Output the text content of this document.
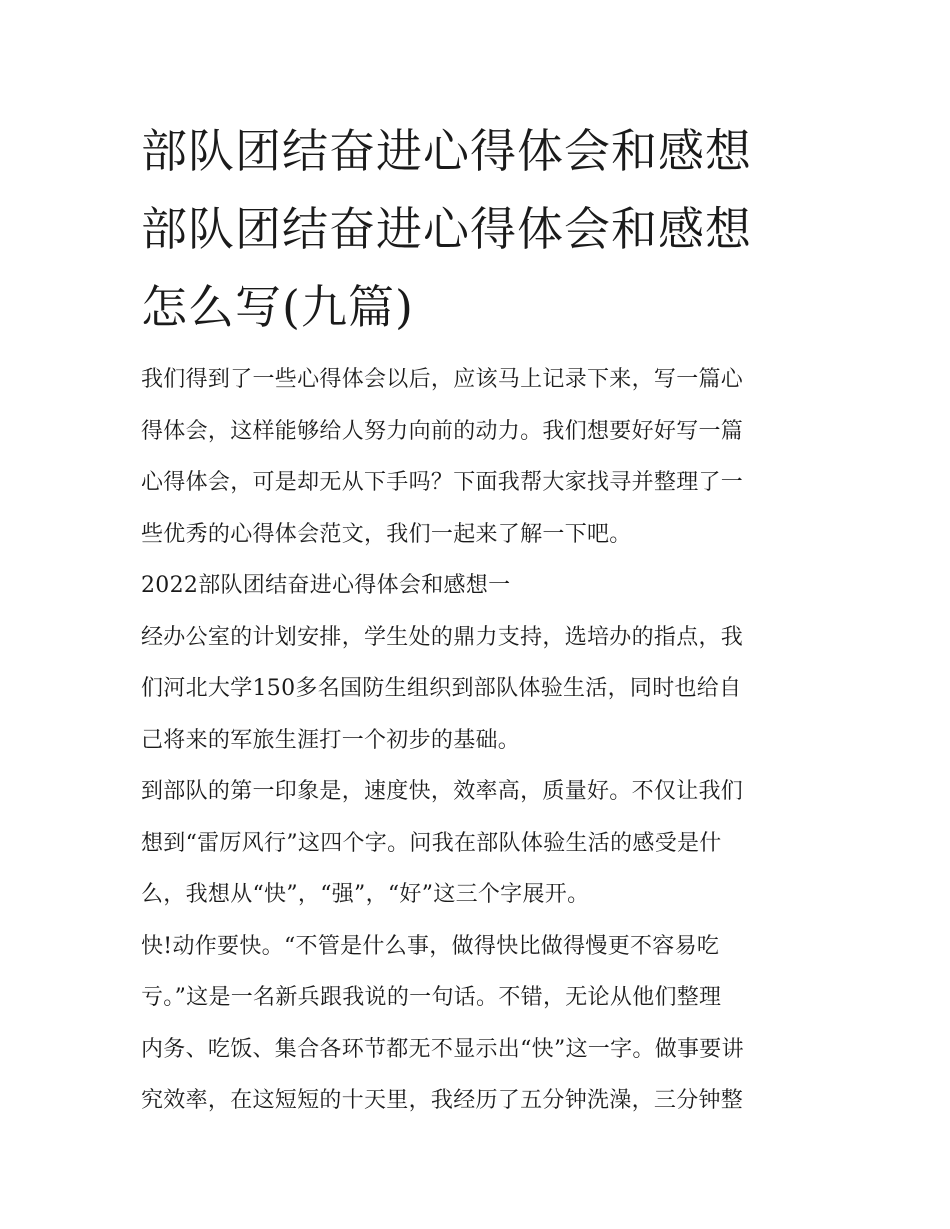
部队团结奋进心得体会和感想
部队团结奋进心得体会和感想
怎么写(九篇)

我们得到了一些心得体会以后，应该马上记录下来，写一篇心
得体会，这样能够给人努力向前的动力。我们想要好好写一篇
心得体会，可是却无从下手吗？下面我帮大家找寻并整理了一
些优秀的心得体会范文，我们一起来了解一下吧。

2022部队团结奋进心得体会和感想一

经办公室的计划安排，学生处的鼎力支持，选培办的指点，我
们河北大学150多名国防生组织到部队体验生活，同时也给自
己将来的军旅生涯打一个初步的基础。

到部队的第一印象是，速度快，效率高，质量好。不仅让我们
想到“雷厉风行”这四个字。问我在部队体验生活的感受是什
么，我想从“快”，“强”，“好”这三个字展开。

快!动作要快。“不管是什么事，做得快比做得慢更不容易吃
亏。”这是一名新兵跟我说的一句话。不错，无论从他们整理
内务、吃饭、集合各环节都无不显示出“快”这一字。做事要讲
究效率，在这短短的十天里，我经历了五分钟洗澡，三分钟整
